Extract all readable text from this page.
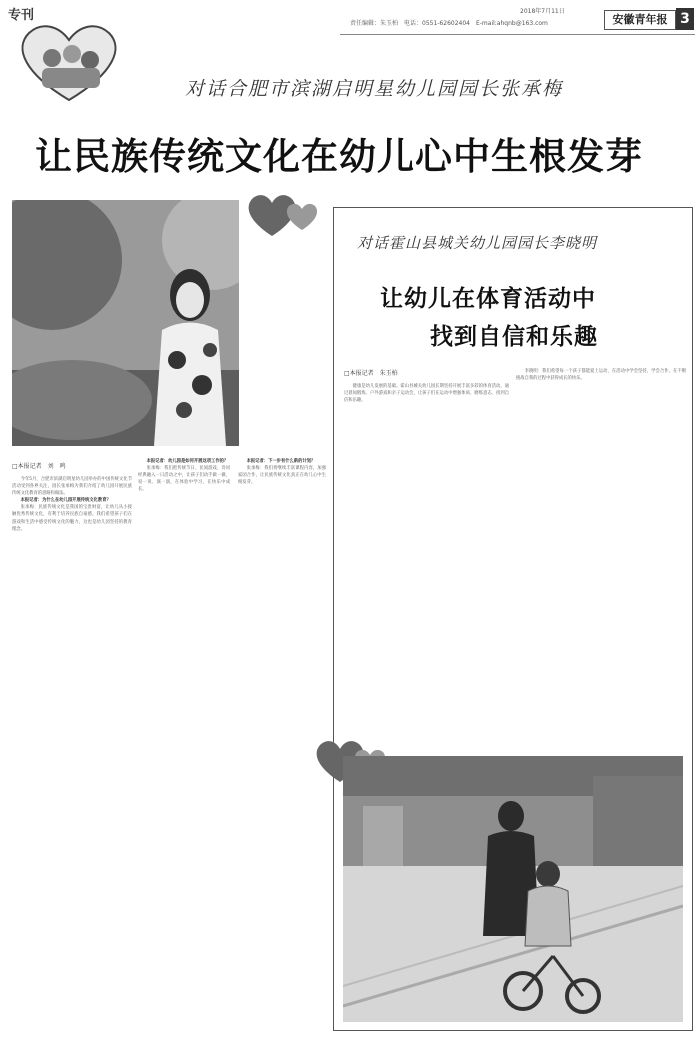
专刊	2018年7月11日
责任编辑：朱玉柏　电话：0551-62602404　E-mail:ahqnb@163.com	安徽青年报 3
对话合肥市滨湖启明星幼儿园园长张承梅
让民族传统文化在幼儿心中生根发芽
□本报记者　刘　鸣

今年5月，合肥市滨湖启明星幼儿园举办的中国传统文化节活动受到各界关注，园长张承梅为我们介绍了幼儿园开展民族传统文化教育的思路和做法。

本报记者：为什么在幼儿园开展传统文化教育？

张承梅：民族传统文化是我国的宝贵财富，让幼儿从小接触优秀传统文化，有利于培养民族自豪感。我们希望孩子们在游戏和生活中感受传统文化的魅力，这也是幼儿园坚持的教育理念。

本报记者：幼儿园是如何开展这项工作的？

张承梅：我们把传统节日、民间游戏、诗词经典融入一日活动之中，让孩子们动手做一做、说一说、演一演，在体验中学习，在快乐中成长。

本报记者：下一步有什么新的计划？

张承梅：我们将继续丰富课程内容，加强家园合作，让民族传统文化真正在幼儿心中生根发芽。

对话霍山县城关幼儿园园长李晓明
让幼儿在体育活动中
找到自信和乐趣
□本报记者　朱玉柏

健康是幼儿发展的基础。霍山县城关幼儿园长期坚持开展丰富多彩的体育活动，通过晨间锻炼、户外游戏和亲子运动会，让孩子们在运动中增强体质、磨练意志、找到自信和乐趣。

李晓明：我们希望每一个孩子都能爱上运动，在活动中学会坚持，学会合作，在不断挑战自我的过程中获得成长的快乐。
